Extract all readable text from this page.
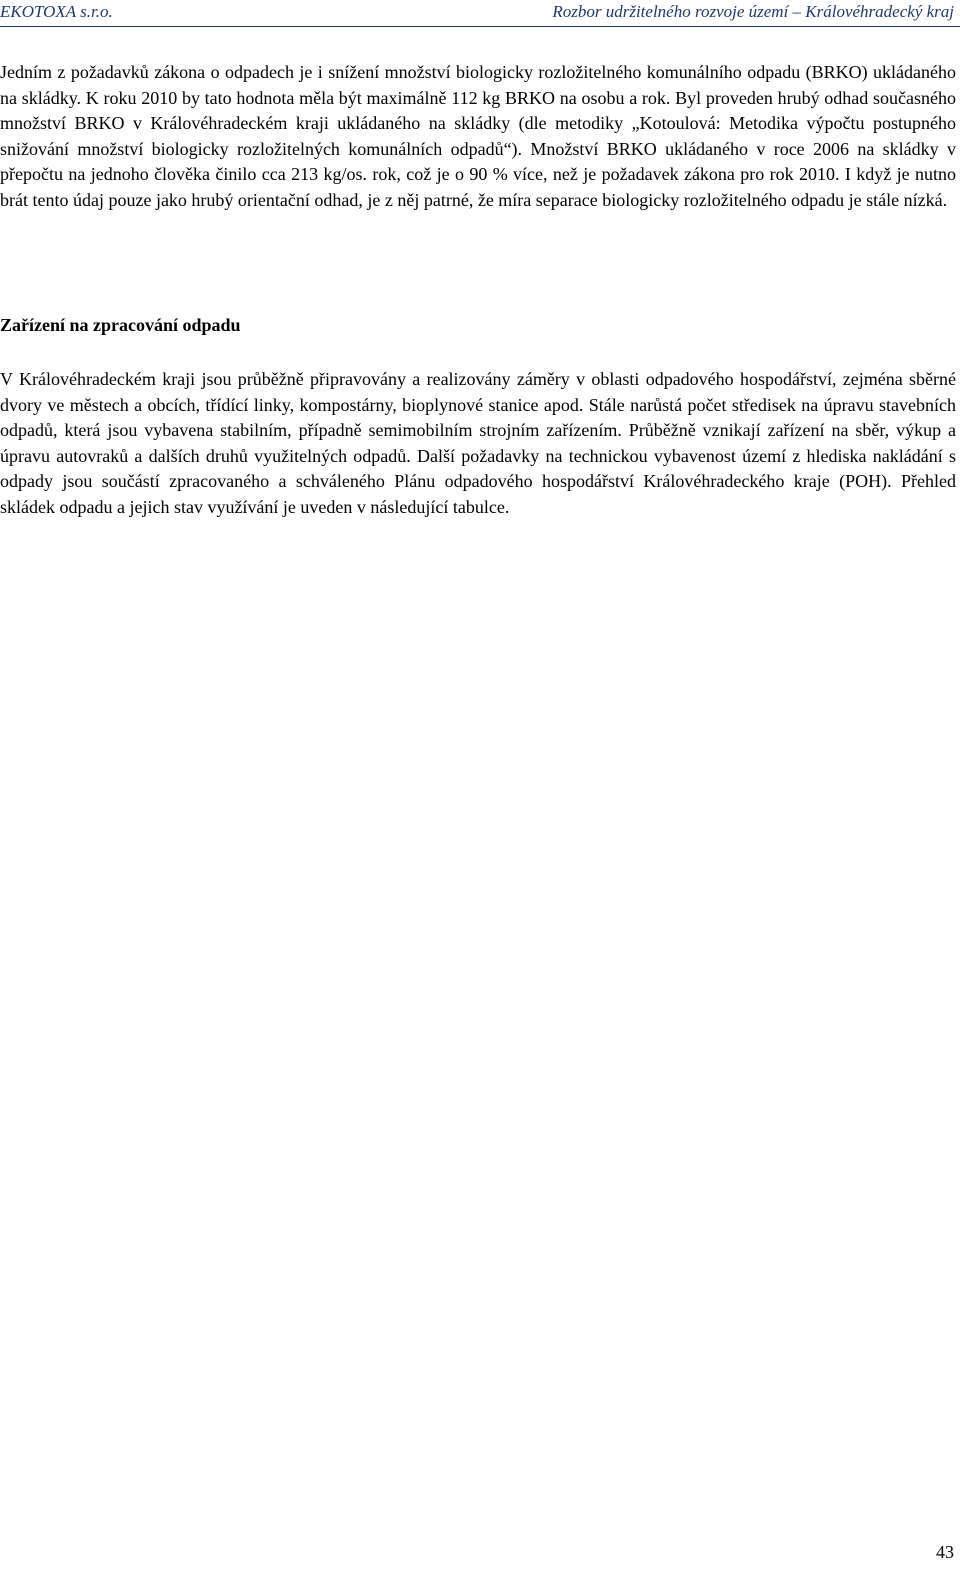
EKOTOXA s.r.o.	Rozbor udržitelného rozvoje území – Královéhradecký kraj

Jedním z požadavků zákona o odpadech je i snížení množství biologicky rozložitelného komunálního odpadu (BRKO) ukládaného na skládky. K roku 2010 by tato hodnota měla být maximálně 112 kg BRKO na osobu a rok. Byl proveden hrubý odhad současného množství BRKO v Královéhradeckém kraji ukládaného na skládky (dle metodiky „Kotoulová: Metodika výpočtu postupného snižování množství biologicky rozložitelných komunálních odpadů“). Množství BRKO ukládaného v roce 2006 na skládky v přepočtu na jednoho člověka činilo cca 213 kg/os. rok, což je o 90 % více, než je požadavek zákona pro rok 2010. I když je nutno brát tento údaj pouze jako hrubý orientační odhad, je z něj patrné, že míra separace biologicky rozložitelného odpadu je stále nízká.

Zařízení na zpracování odpadu

V Královéhradeckém kraji jsou průběžně připravovány a realizovány záměry v oblasti odpadového hospodářství, zejména sběrné dvory ve městech a obcích, třídící linky, kompostárny, bioplynové stanice apod. Stále narůstá počet středisek na úpravu stavebních odpadů, která jsou vybavena stabilním, případně semimobilním strojním zařízením. Průběžně vznikají zařízení na sběr, výkup a úpravu autovraků a dalších druhů využitelných odpadů. Další požadavky na technickou vybavenost území z hlediska nakládání s odpady jsou součástí zpracovaného a schváleného Plánu odpadového hospodářství Královéhradeckého kraje (POH). Přehled skládek odpadu a jejich stav využívání je uveden v následující tabulce.

43
